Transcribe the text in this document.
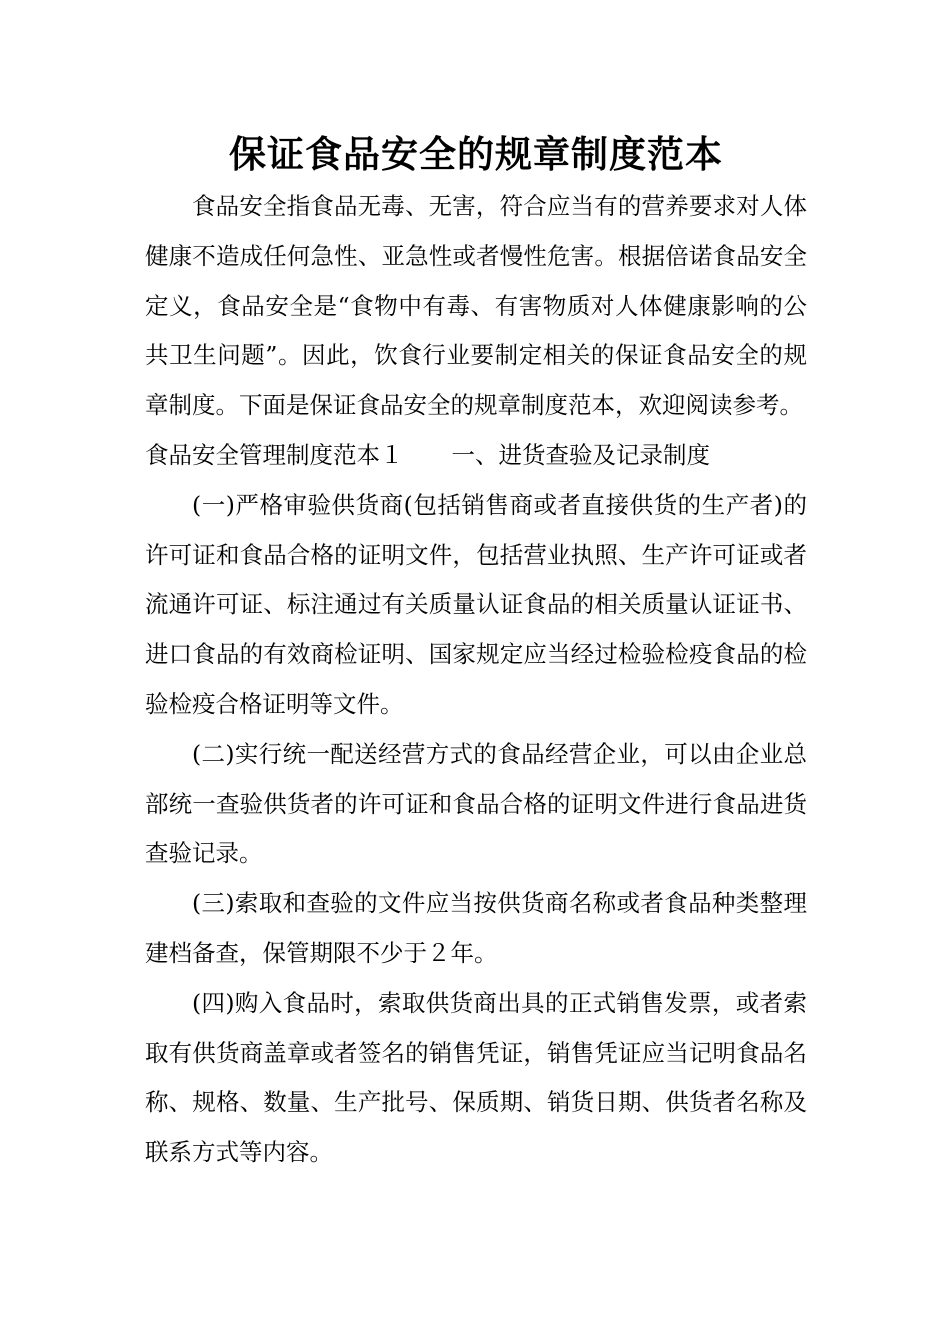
保证食品安全的规章制度范本

食品安全指食品无毒、无害，符合应当有的营养要求对人体健康不造成任何急性、亚急性或者慢性危害。根据倍诺食品安全定义，食品安全是“食物中有毒、有害物质对人体健康影响的公共卫生问题”。因此，饮食行业要制定相关的保证食品安全的规章制度。下面是保证食品安全的规章制度范本，欢迎阅读参考。

食品安全管理制度范本１ 一、进货查验及记录制度

(一)严格审验供货商(包括销售商或者直接供货的生产者)的许可证和食品合格的证明文件，包括营业执照、生产许可证或者流通许可证、标注通过有关质量认证食品的相关质量认证证书、进口食品的有效商检证明、国家规定应当经过检验检疫食品的检验检疫合格证明等文件。

(二)实行统一配送经营方式的食品经营企业，可以由企业总部统一查验供货者的许可证和食品合格的证明文件进行食品进货查验记录。

(三)索取和查验的文件应当按供货商名称或者食品种类整理建档备查，保管期限不少于２年。

(四)购入食品时，索取供货商出具的正式销售发票，或者索取有供货商盖章或者签名的销售凭证，销售凭证应当记明食品名称、规格、数量、生产批号、保质期、销货日期、供货者名称及联系方式等内容。
